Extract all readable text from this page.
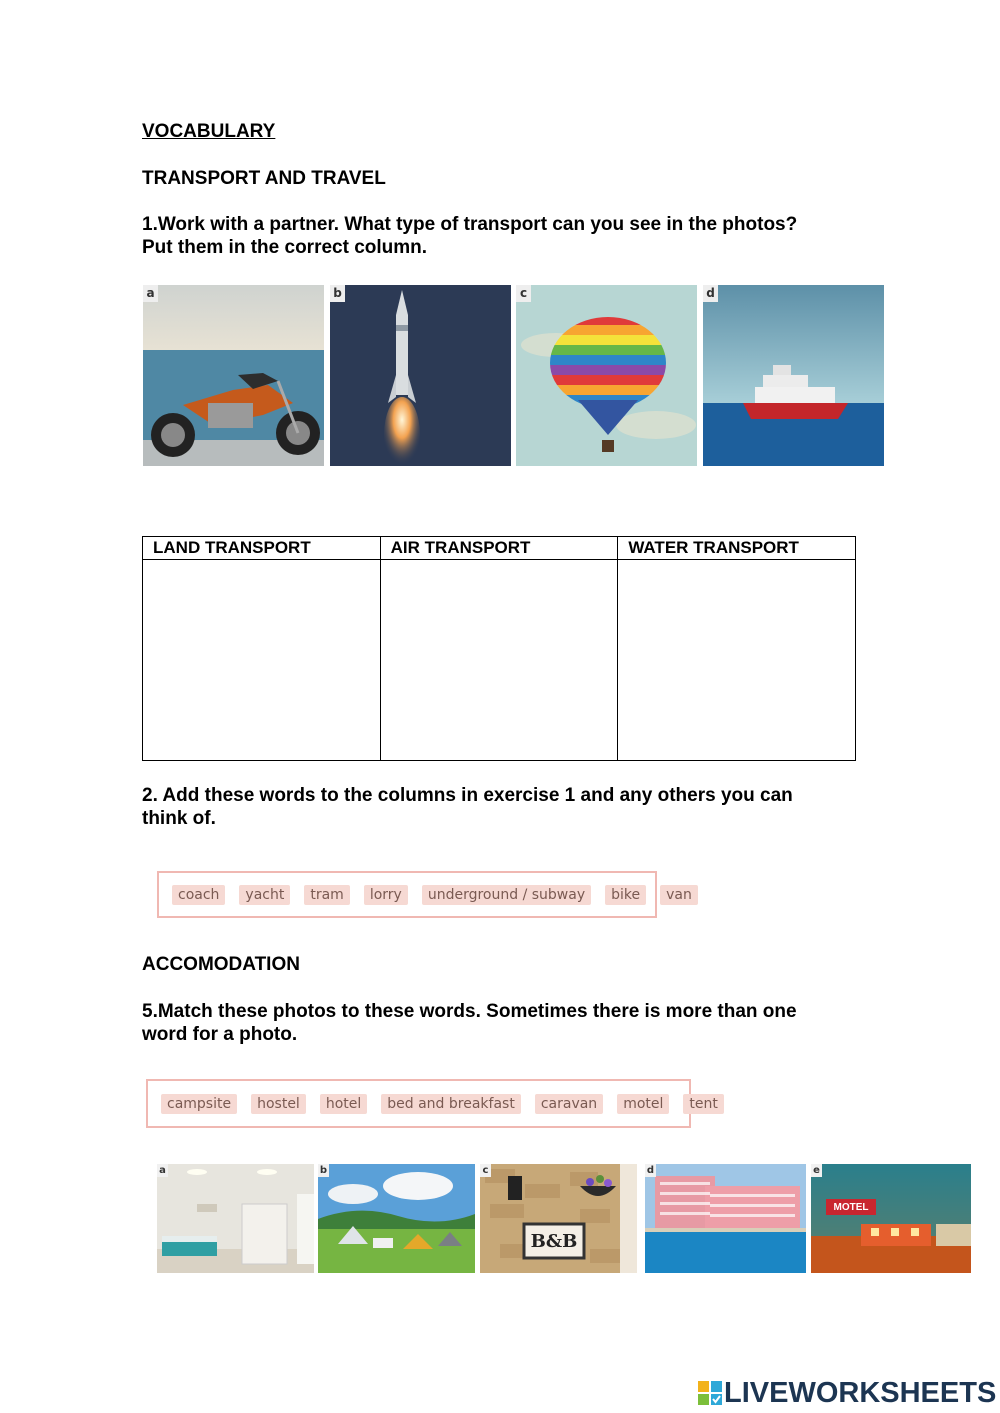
VOCABULARY
TRANSPORT AND TRAVEL
1.Work with a partner. What type of transport can you see in the photos?
Put them in the correct column.
a	b	c	d
LAND TRANSPORT	AIR TRANSPORT	WATER TRANSPORT

2. Add these words to the columns in exercise 1 and any others you can
think of.
coach	yacht	tram	lorry	underground / subway	bike	van
ACCOMODATION
5.Match these photos to these words. Sometimes there is more than one
word for a photo.
campsite	hostel	hotel	bed and breakfast	caravan	motel	tent
a	b
B&B
c	d
MOTEL
e
LIVEWORKSHEETS
